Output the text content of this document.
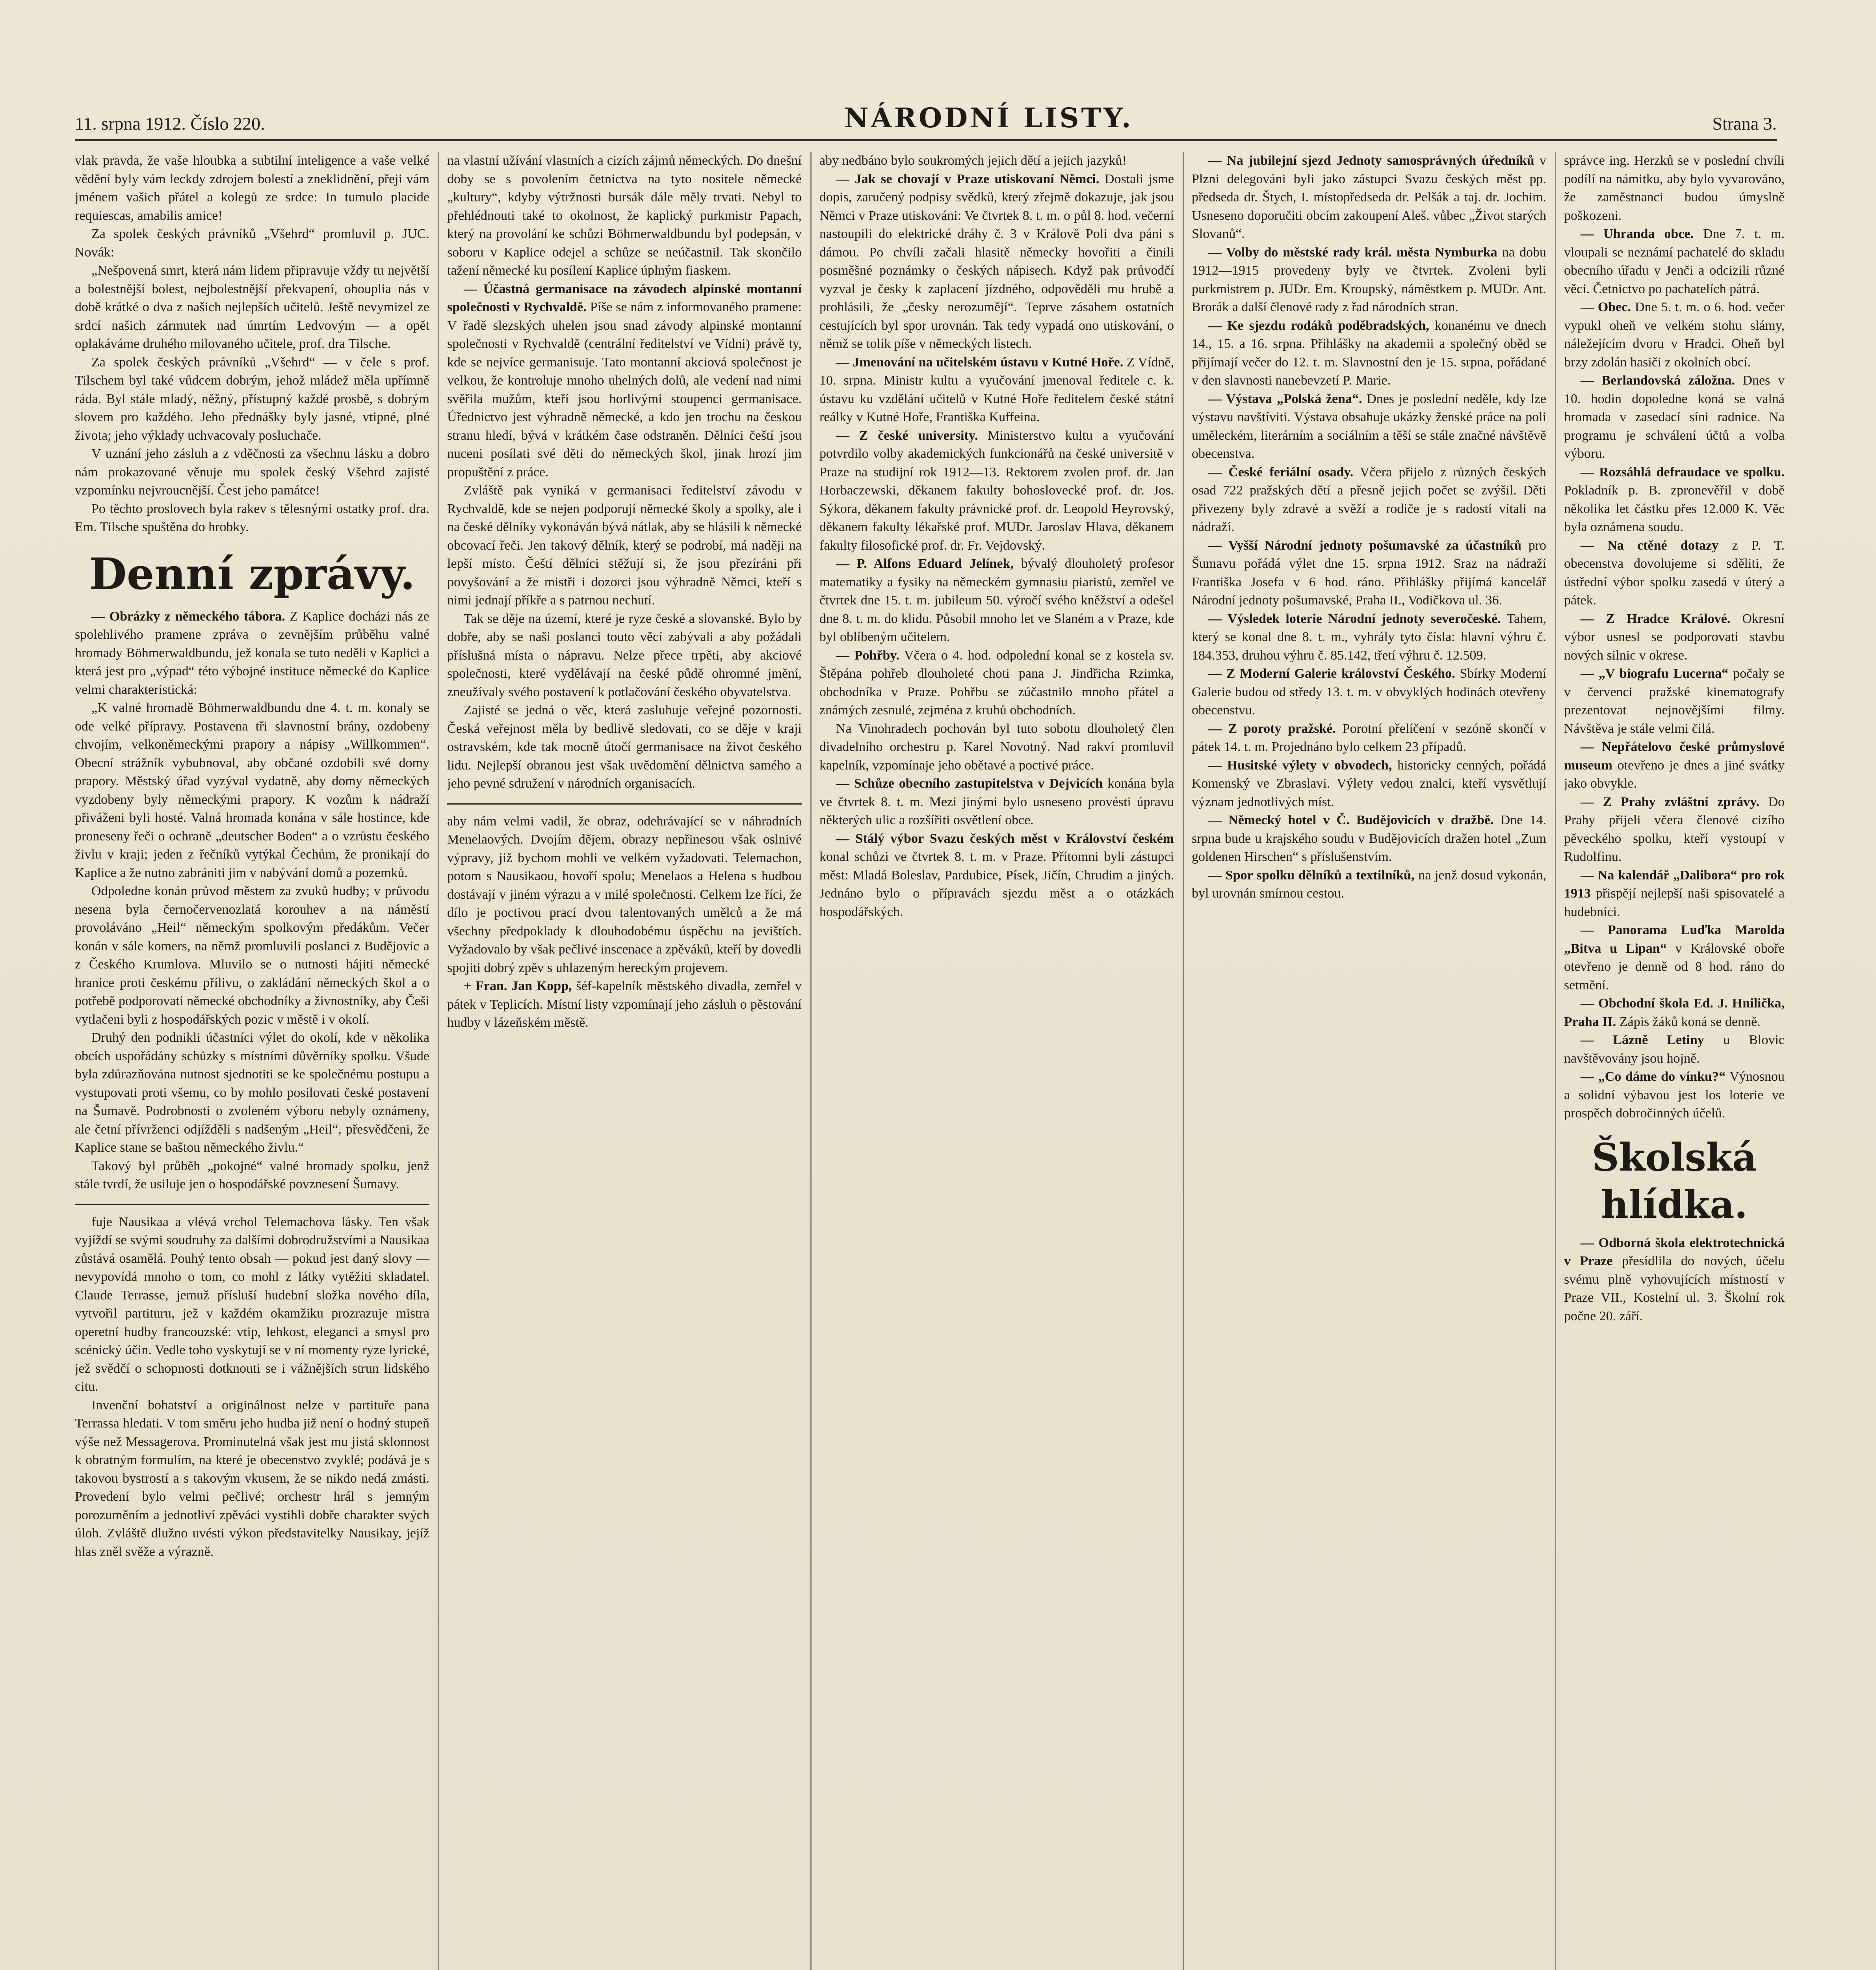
11. srpna 1912. Číslo 220.	NÁRODNÍ LISTY.	Strana 3.

vlak pravda, že vaše hloubka a subtilní inteligence a vaše velké vědění byly vám leckdy zdrojem bolestí a zneklidnění, přeji vám jménem vašich přátel a kolegů ze srdce: In tumulo placide requiescas, amabilis amice!

Za spolek českých právníků „Všehrd“ promluvil p. JUC. Novák:

„Nešpovená smrt, která nám lidem připravuje vždy tu největší a bolestnější bolest, nejbolestnější překvapení, ohouplia nás v době krátké o dva z našich nejlepších učitelů. Ještě nevymizel ze srdcí našich zármutek nad úmrtím Ledvovým — a opět oplakáváme druhého milovaného učitele, prof. dra Tilsche.

Za spolek českých právníků „Všehrd“ — v čele s prof. Tilschem byl také vůdcem dobrým, jehož mládež měla upřímně ráda. Byl stále mladý, něžný, přístupný každé prosbě, s dobrým slovem pro každého. Jeho přednášky byly jasné, vtipné, plné života; jeho výklady uchvacovaly posluchače.

V uznání jeho zásluh a z vděčnosti za všechnu lásku a dobro nám prokazované věnuje mu spolek český Všehrd zajisté vzpomínku nejvroucnější. Čest jeho památce!

Po těchto proslovech byla rakev s tělesnými ostatky prof. dra. Em. Tilsche spuštěna do hrobky.

Denní zprávy.

— Obrázky z německého tábora. Z Kaplice docházi nás ze spolehlivého pramene zpráva o zevnějším průběhu valné hromady Böhmerwaldbundu, jež konala se tuto neděli v Kaplici a která jest pro „výpad“ této výbojné instituce německé do Kaplice velmi charakteristická:

„K valné hromadě Böhmerwaldbundu dne 4. t. m. konaly se ode velké přípravy. Postavena tři slavnostní brány, ozdobeny chvojím, velkoněmeckými prapory a nápisy „Willkommen“. Obecní strážník vybubnoval, aby občané ozdobili své domy prapory. Městský úřad vyzýval vydatně, aby domy německých vyzdobeny byly německými prapory. K vozům k nádraží přiváženi byli hosté. Valná hromada konána v sále hostince, kde proneseny řeči o ochraně „deutscher Boden“ a o vzrůstu českého živlu v kraji; jeden z řečníků vytýkal Čechům, že pronikají do Kaplice a že nutno zabrániti jim v nabývání domů a pozemků.

Odpoledne konán průvod městem za zvuků hudby; v průvodu nesena byla černočervenozlatá korouhev a na náměstí provoláváno „Heil“ německým spolkovým předákům. Večer konán v sále komers, na němž promluvili poslanci z Budějovic a z Českého Krumlova. Mluvilo se o nutnosti hájiti německé hranice proti českému přílivu, o zakládání německých škol a o potřebě podporovati německé obchodníky a živnostníky, aby Češi vytlačeni byli z hospodářských pozic v městě i v okolí.

Druhý den podnikli účastníci výlet do okolí, kde v několika obcích uspořádány schůzky s místními důvěrníky spolku. Všude byla zdůrazňována nutnost sjednotiti se ke společnému postupu a vystupovati proti všemu, co by mohlo posilovati české postavení na Šumavě. Podrobnosti o zvoleném výboru nebyly oznámeny, ale četní přívrženci odjížděli s nadšeným „Heil“, přesvědčeni, že Kaplice stane se baštou německého živlu.“

Takový byl průběh „pokojné“ valné hromady spolku, jenž stále tvrdí, že usiluje jen o hospodářské povznesení Šumavy.

fuje Nausikaa a vlévá vrchol Telemachova lásky. Ten však vyjíždí se svými soudruhy za dalšími dobrodružstvími a Nausikaa zůstává osamělá. Pouhý tento obsah — pokud jest daný slovy — nevypovídá mnoho o tom, co mohl z látky vytěžiti skladatel. Claude Terrasse, jemuž přísluší hudební složka nového díla, vytvořil partituru, jež v každém okamžiku prozrazuje mistra operetní hudby francouzské: vtip, lehkost, eleganci a smysl pro scénický účin. Vedle toho vyskytují se v ní momenty ryze lyrické, jež svědčí o schopnosti dotknouti se i vážnějších strun lidského citu.

Invenční bohatství a originálnost nelze v partituře pana Terrassa hledati. V tom směru jeho hudba již není o hodný stupeň výše než Messagerova. Prominutelná však jest mu jistá sklonnost k obratným formulím, na které je obecenstvo zvyklé; podává je s takovou bystrostí a s takovým vkusem, že se nikdo nedá zmásti. Provedení bylo velmi pečlivé; orchestr hrál s jemným porozuměním a jednotliví zpěváci vystihli dobře charakter svých úloh. Zvláště dlužno uvésti výkon představitelky Nausikay, jejíž hlas zněl svěže a výrazně.

na vlastní užívání vlastních a cizích zájmů německých. Do dnešní doby se s povolením četnictva na tyto nositele německé „kultury“, kdyby výtržnosti bursák dále měly trvati. Nebyl to přehlédnouti také to okolnost, že kaplický purkmistr Papach, který na provolání ke schůzi Böhmerwaldbundu byl podepsán, v soboru v Kaplice odejel a schůze se neúčastnil. Tak skončilo tažení německé ku posílení Kaplice úplným fiaskem.

— Účastná germanisace na závodech alpinské montanní společnosti v Rychvaldě. Píše se nám z informovaného pramene: V řadě slezských uhelen jsou snad závody alpinské montanní společnosti v Rychvaldě (centrální ředitelství ve Vídni) právě ty, kde se nejvíce germanisuje. Tato montanní akciová společnost je velkou, že kontroluje mnoho uhelných dolů, ale vedení nad nimi svěřila mužům, kteří jsou horlivými stoupenci germanisace. Úřednictvo jest výhradně německé, a kdo jen trochu na českou stranu hledí, bývá v krátkém čase odstraněn. Dělníci čeští jsou nuceni posílati své děti do německých škol, jinak hrozí jim propuštění z práce.

Zvláště pak vyniká v germanisaci ředitelství závodu v Rychvaldě, kde se nejen podporují německé školy a spolky, ale i na české dělníky vykonáván bývá nátlak, aby se hlásili k německé obcovací řeči. Jen takový dělník, který se podrobí, má naději na lepší místo. Čeští dělníci stěžují si, že jsou přezíráni při povyšování a že mistři i dozorci jsou výhradně Němci, kteří s nimi jednají příkře a s patrnou nechutí.

Tak se děje na území, které je ryze české a slovanské. Bylo by dobře, aby se naši poslanci touto věcí zabývali a aby požádali příslušná místa o nápravu. Nelze přece trpěti, aby akciové společnosti, které vydělávají na české půdě ohromné jmění, zneužívaly svého postavení k potlačování českého obyvatelstva.

Zajisté se jedná o věc, která zasluhuje veřejné pozornosti. Česká veřejnost měla by bedlivě sledovati, co se děje v kraji ostravském, kde tak mocně útočí germanisace na život českého lidu. Nejlepší obranou jest však uvědomění dělnictva samého a jeho pevné sdružení v národních organisacích.

aby nám velmi vadil, že obraz, odehrávající se v náhradních Menelaových. Dvojím dějem, obrazy nepřinesou však oslnivé výpravy, již bychom mohli ve velkém vyžadovati. Telemachon, potom s Nausikaou, hovoří spolu; Menelaos a Helena s hudbou dostávají v jiném výrazu a v milé společnosti. Celkem lze říci, že dílo je poctivou prací dvou talentovaných umělců a že má všechny předpoklady k dlouhodobému úspěchu na jevištích. Vyžadovalo by však pečlivé inscenace a zpěváků, kteří by dovedli spojiti dobrý zpěv s uhlazeným hereckým projevem.

+ Fran. Jan Kopp, šéf-kapelník městského divadla, zemřel v pátek v Teplicích. Místní listy vzpomínají jeho zásluh o pěstování hudby v lázeňském městě.

aby nedbáno bylo soukromých jejich dětí a jejich jazyků!

— Jak se chovají v Praze utiskovaní Němci. Dostali jsme dopis, zaručený podpisy svědků, který zřejmě dokazuje, jak jsou Němci v Praze utiskováni: Ve čtvrtek 8. t. m. o půl 8. hod. večerní nastoupili do elektrické dráhy č. 3 v Králově Poli dva páni s dámou. Po chvíli začali hlasitě německy hovořiti a činili posměšné poznámky o českých nápisech. Když pak průvodčí vyzval je česky k zaplacení jízdného, odpověděli mu hrubě a prohlásili, že „česky nerozumějí“. Teprve zásahem ostatních cestujících byl spor urovnán. Tak tedy vypadá ono utiskování, o němž se tolik píše v německých listech.

— Jmenování na učitelském ústavu v Kutné Hoře. Z Vídně, 10. srpna. Ministr kultu a vyučování jmenoval ředitele c. k. ústavu ku vzdělání učitelů v Kutné Hoře ředitelem české státní reálky v Kutné Hoře, Františka Kuffeina.

— Z české university. Ministerstvo kultu a vyučování potvrdilo volby akademických funkcionářů na české universitě v Praze na studijní rok 1912—13. Rektorem zvolen prof. dr. Jan Horbaczewski, děkanem fakulty bohoslovecké prof. dr. Jos. Sýkora, děkanem fakulty právnické prof. dr. Leopold Heyrovský, děkanem fakulty lékařské prof. MUDr. Jaroslav Hlava, děkanem fakulty filosofické prof. dr. Fr. Vejdovský.

— P. Alfons Eduard Jelínek, bývalý dlouholetý profesor matematiky a fysiky na německém gymnasiu piaristů, zemřel ve čtvrtek dne 15. t. m. jubileum 50. výročí svého kněžství a odešel dne 8. t. m. do klidu. Působil mnoho let ve Slaném a v Praze, kde byl oblíbeným učitelem.

— Pohřby. Včera o 4. hod. odpolední konal se z kostela sv. Štěpána pohřeb dlouholeté choti pana J. Jindřicha Rzimka, obchodníka v Praze. Pohřbu se zúčastnilo mnoho přátel a známých zesnulé, zejména z kruhů obchodních.

Na Vinohradech pochován byl tuto sobotu dlouholetý člen divadelního orchestru p. Karel Novotný. Nad rakví promluvil kapelník, vzpomínaje jeho obětavé a poctivé práce.

— Schůze obecního zastupitelstva v Dejvicích konána byla ve čtvrtek 8. t. m. Mezi jinými bylo usneseno provésti úpravu některých ulic a rozšířiti osvětlení obce.

— Stálý výbor Svazu českých měst v Království českém konal schůzi ve čtvrtek 8. t. m. v Praze. Přítomni byli zástupci měst: Mladá Boleslav, Pardubice, Písek, Jičín, Chrudim a jiných. Jednáno bylo o přípravách sjezdu měst a o otázkách hospodářských.

— Na jubilejní sjezd Jednoty samosprávných úředníků v Plzni delegováni byli jako zástupci Svazu českých měst pp. předseda dr. Štych, I. místopředseda dr. Pelšák a taj. dr. Jochim. Usneseno doporučiti obcím zakoupení Aleš. vůbec „Život starých Slovanů“.

— Volby do městské rady král. města Nymburka na dobu 1912—1915 provedeny byly ve čtvrtek. Zvoleni byli purkmistrem p. JUDr. Em. Kroupský, náměstkem p. MUDr. Ant. Brorák a další členové rady z řad národních stran.

— Ke sjezdu rodáků poděbradských, konanému ve dnech 14., 15. a 16. srpna. Přihlášky na akademii a společný oběd se přijímají večer do 12. t. m. Slavnostní den je 15. srpna, pořádané v den slavnosti nanebevzetí P. Marie.

— Výstava „Polská žena“. Dnes je poslední neděle, kdy lze výstavu navštíviti. Výstava obsahuje ukázky ženské práce na poli uměleckém, literárním a sociálním a těší se stále značné návštěvě obecenstva.

— České feriální osady. Včera přijelo z různých českých osad 722 pražských dětí a přesně jejich počet se zvýšil. Děti přivezeny byly zdravé a svěží a rodiče je s radostí vítali na nádraží.

— Vyšší Národní jednoty pošumavské za účastníků pro Šumavu pořádá výlet dne 15. srpna 1912. Sraz na nádraží Františka Josefa v 6 hod. ráno. Přihlášky přijímá kancelář Národní jednoty pošumavské, Praha II., Vodičkova ul. 36.

— Výsledek loterie Národní jednoty severočeské. Tahem, který se konal dne 8. t. m., vyhrály tyto čísla: hlavní výhru č. 184.353, druhou výhru č. 85.142, třetí výhru č. 12.509.

— Z Moderní Galerie království Českého. Sbírky Moderní Galerie budou od středy 13. t. m. v obvyklých hodinách otevřeny obecenstvu.

— Z poroty pražské. Porotní přelíčení v sezóně skončí v pátek 14. t. m. Projednáno bylo celkem 23 případů.

— Husitské výlety v obvodech, historicky cenných, pořádá Komenský ve Zbraslavi. Výlety vedou znalci, kteří vysvětlují význam jednotlivých míst.

— Německý hotel v Č. Budějovicích v dražbě. Dne 14. srpna bude u krajského soudu v Budějovicích dražen hotel „Zum goldenen Hirschen“ s příslušenstvím.

— Spor spolku dělníků a textilníků, na jenž dosud vykonán, byl urovnán smírnou cestou.

správce ing. Herzků se v poslední chvíli podílí na námitku, aby bylo vyvarováno, že zaměstnanci budou úmyslně poškozeni.

— Uhranda obce. Dne 7. t. m. vloupali se neznámí pachatelé do skladu obecního úřadu v Jenči a odcizili různé věci. Četnictvo po pachatelích pátrá.

— Obec. Dne 5. t. m. o 6. hod. večer vypukl oheň ve velkém stohu slámy, náležejícím dvoru v Hradci. Oheň byl brzy zdolán hasiči z okolních obcí.

— Berlandovská záložna. Dnes v 10. hodin dopoledne koná se valná hromada v zasedací síni radnice. Na programu je schválení účtů a volba výboru.

— Rozsáhlá defraudace ve spolku. Pokladník p. B. zpronevěřil v době několika let částku přes 12.000 K. Věc byla oznámena soudu.

— Na ctěné dotazy z P. T. obecenstva dovolujeme si sděliti, že ústřední výbor spolku zasedá v úterý a pátek.

— Z Hradce Králové. Okresní výbor usnesl se podporovati stavbu nových silnic v okrese.

— „V biografu Lucerna“ počaly se v červenci pražské kinematografy prezentovat nejnovějšími filmy. Návštěva je stále velmi čilá.

— Nepřátelovo české průmyslové museum otevřeno je dnes a jiné svátky jako obvykle.

— Z Prahy zvláštní zprávy. Do Prahy přijeli včera členové cizího pěveckého spolku, kteří vystoupí v Rudolfinu.

— Na kalendář „Dalibora“ pro rok 1913 přispějí nejlepší naši spisovatelé a hudebníci.

— Panorama Luďka Marolda „Bitva u Lipan“ v Královské oboře otevřeno je denně od 8 hod. ráno do setmění.

— Obchodní škola Ed. J. Hnilička, Praha II. Zápis žáků koná se denně.

— Lázně Letiny u Blovic navštěvovány jsou hojně.

— „Co dáme do vínku?“ Výnosnou a solidní výbavou jest los loterie ve prospěch dobročinných účelů.

Školská hlídka.

— Odborná škola elektrotechnická v Praze přesídlila do nových, účelu svému plně vyhovujících místností v Praze VII., Kostelní ul. 3. Školní rok počne 20. září.
